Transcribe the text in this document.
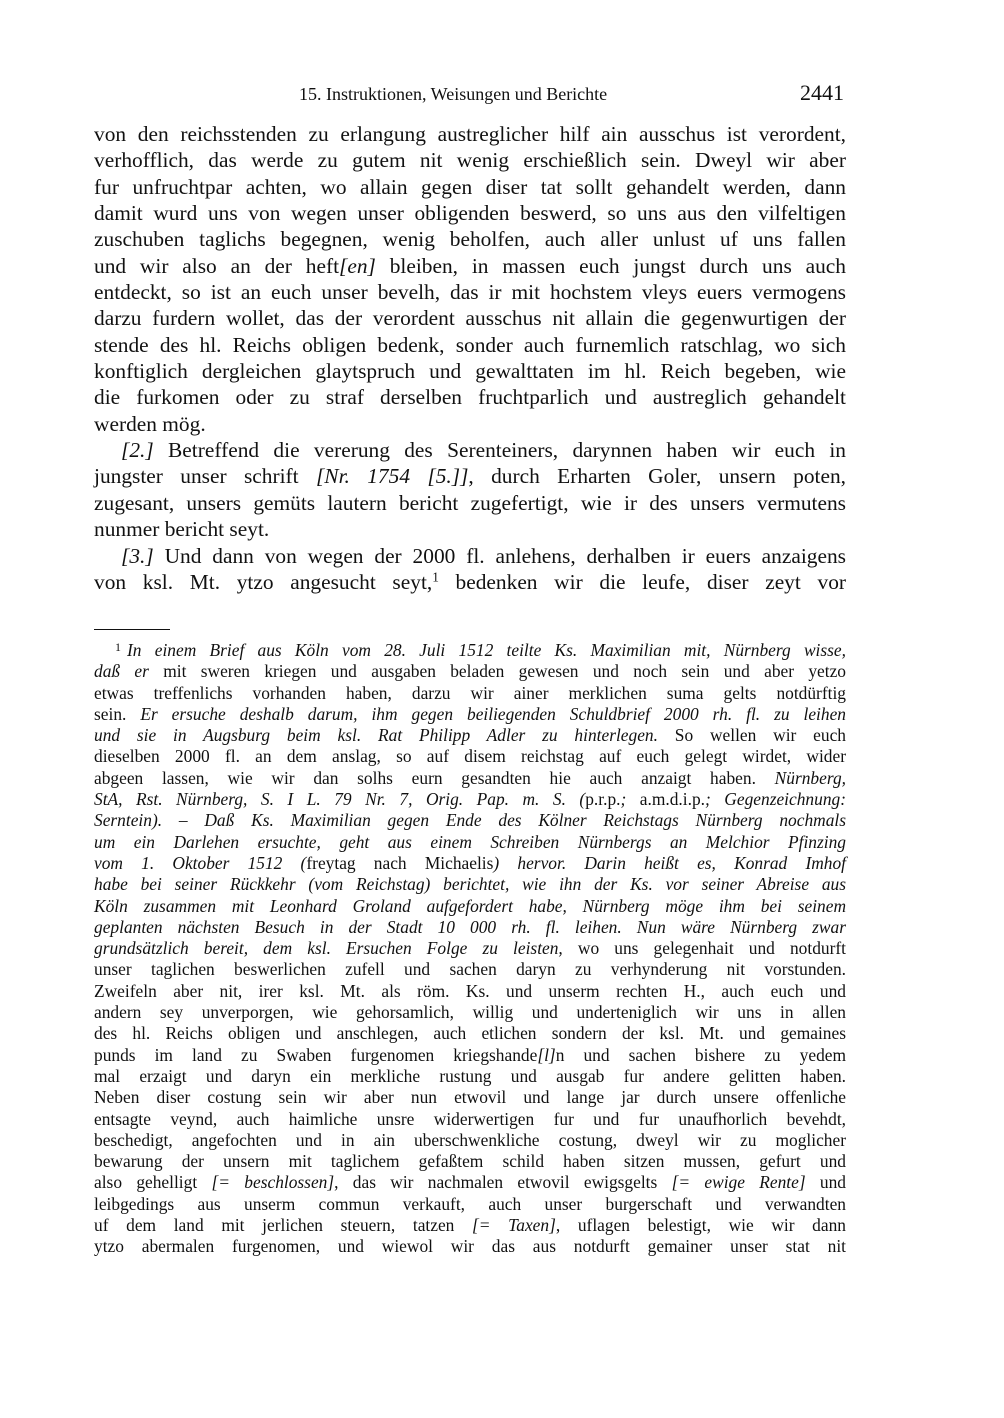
15. Instruktionen, Weisungen und Berichte	2441

von den reichsstenden zu erlangung austreglicher hilf ain ausschus ist verordent,
verhofflich, das werde zu gutem nit wenig erschießlich sein. Dweyl wir aber
fur unfruchtpar achten, wo allain gegen diser tat sollt gehandelt werden, dann
damit wurd uns von wegen unser obligenden beswerd, so uns aus den vilfeltigen
zuschuben taglichs begegnen, wenig beholfen, auch aller unlust uf uns fallen
und wir also an der heft[en] bleiben, in massen euch jungst durch uns auch
entdeckt, so ist an euch unser bevelh, das ir mit hochstem vleys euers vermogens
darzu furdern wollet, das der verordent ausschus nit allain die gegenwurtigen der
stende des hl. Reichs obligen bedenk, sonder auch furnemlich ratschlag, wo sich
konftiglich dergleichen glaytspruch und gewalttaten im hl. Reich begeben, wie
die furkomen oder zu straf derselben fruchtparlich und austreglich gehandelt
werden mög.

[2.] Betreffend die vererung des Serenteiners, darynnen haben wir euch in
jungster unser schrift [Nr. 1754 [5.]], durch Erharten Goler, unsern poten,
zugesant, unsers gemüts lautern bericht zugefertigt, wie ir des unsers vermutens
nunmer bericht seyt.

[3.] Und dann von wegen der 2000 fl. anlehens, derhalben ir euers anzaigens
von ksl. Mt. ytzo angesucht seyt,$^1$ bedenken wir die leufe, diser zeyt vor

$^1$ In einem Brief aus Köln vom 28. Juli 1512 teilte Ks. Maximilian mit, Nürnberg wisse,
daß er mit sweren kriegen und ausgaben beladen gewesen und noch sein und aber yetzo
etwas treffenlichs vorhanden haben, darzu wir ainer merklichen suma gelts notdürftig
sein. Er ersuche deshalb darum, ihm gegen beiliegenden Schuldbrief 2000 rh. fl. zu leihen
und sie in Augsburg beim ksl. Rat Philipp Adler zu hinterlegen. So wellen wir euch
dieselben 2000 fl. an dem anslag, so auf disem reichstag auf euch gelegt wirdet, wider
abgeen lassen, wie wir dan solhs eurn gesandten hie auch anzaigt haben. Nürnberg,
StA, Rst. Nürnberg, S. I L. 79 Nr. 7, Orig. Pap. m. S. (p.r.p.; a.m.d.i.p.; Gegenzeichnung:
Serntein). – Daß Ks. Maximilian gegen Ende des Kölner Reichstags Nürnberg nochmals
um ein Darlehen ersuchte, geht aus einem Schreiben Nürnbergs an Melchior Pfinzing
vom 1. Oktober 1512 (freytag nach Michaelis) hervor. Darin heißt es, Konrad Imhof
habe bei seiner Rückkehr (vom Reichstag) berichtet, wie ihn der Ks. vor seiner Abreise aus
Köln zusammen mit Leonhard Groland aufgefordert habe, Nürnberg möge ihm bei seinem
geplanten nächsten Besuch in der Stadt 10 000 rh. fl. leihen. Nun wäre Nürnberg zwar
grundsätzlich bereit, dem ksl. Ersuchen Folge zu leisten, wo uns gelegenhait und notdurft
unser taglichen beswerlichen zufell und sachen daryn zu verhynderung nit vorstunden.
Zweifeln aber nit, irer ksl. Mt. als röm. Ks. und unserm rechten H., auch euch und
andern sey unverporgen, wie gehorsamlich, willig und underteniglich wir uns in allen
des hl. Reichs obligen und anschlegen, auch etlichen sondern der ksl. Mt. und gemaines
punds im land zu Swaben furgenomen kriegshande[l]n und sachen bishere zu yedem
mal erzaigt und daryn ein merkliche rustung und ausgab fur andere gelitten haben.
Neben diser costung sein wir aber nun etwovil und lange jar durch unsere offenliche
entsagte veynd, auch haimliche unsre widerwertigen fur und fur unaufhorlich bevehdt,
beschedigt, angefochten und in ain uberschwenkliche costung, dweyl wir zu moglicher
bewarung der unsern mit taglichem gefaßtem schild haben sitzen mussen, gefurt und
also gehelligt [= beschlossen], das wir nachmalen etwovil ewigsgelts [= ewige Rente] und
leibgedings aus unserm commun verkauft, auch unser burgerschaft und verwandten
uf dem land mit jerlichen steuern, tatzen [= Taxen], uflagen belestigt, wie wir dann
ytzo abermalen furgenomen, und wiewol wir das aus notdurft gemainer unser stat nit
